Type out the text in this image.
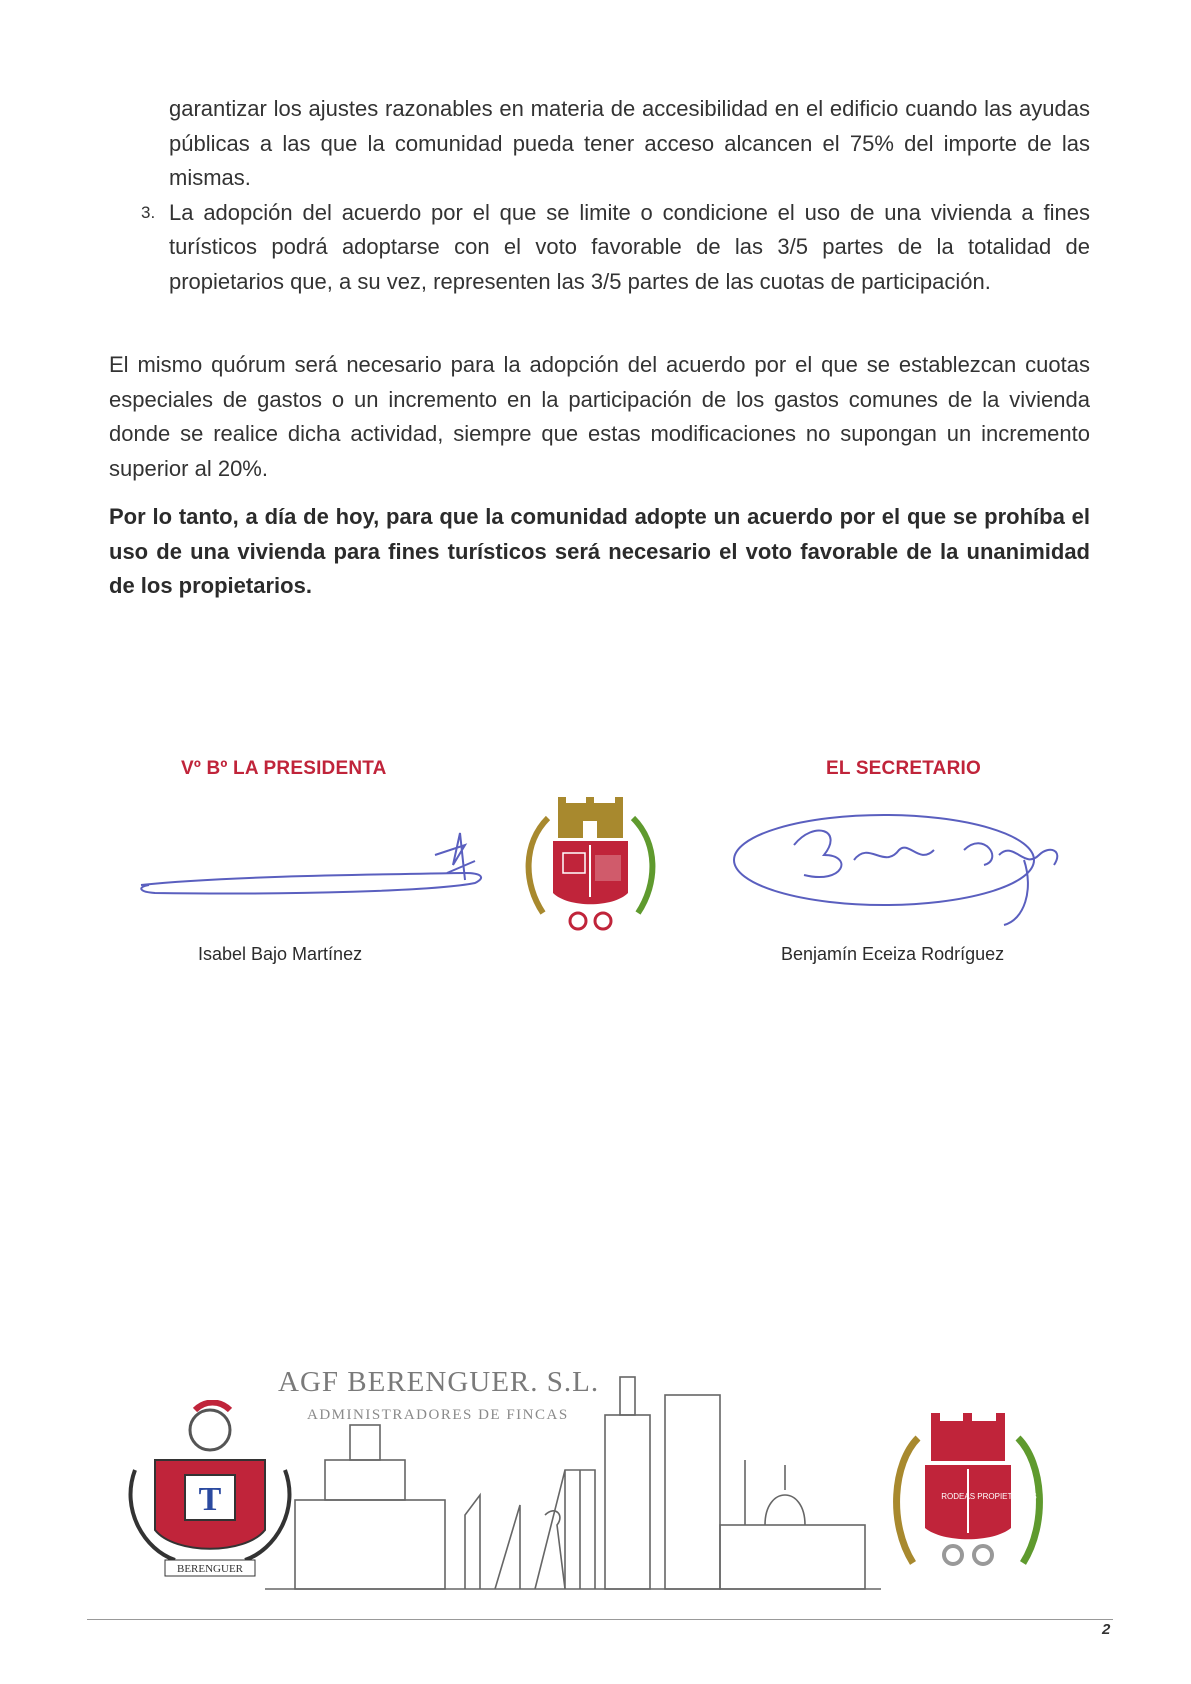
garantizar los ajustes razonables en materia de accesibilidad en el edificio cuando las ayudas públicas a las que la comunidad pueda tener acceso alcancen el 75% del importe de las mismas.
3. La adopción del acuerdo por el que se limite o condicione el uso de una vivienda a fines turísticos podrá adoptarse con el voto favorable de las 3/5 partes de la totalidad de propietarios que, a su vez, representen las 3/5 partes de las cuotas de participación.

El mismo quórum será necesario para la adopción del acuerdo por el que se establezcan cuotas especiales de gastos o un incremento en la participación de los gastos comunes de la vivienda donde se realice dicha actividad, siempre que estas modificaciones no supongan un incremento superior al 20%.

Por lo tanto, a día de hoy, para que la comunidad adopte un acuerdo por el que se prohíba el uso de una vivienda para fines turísticos será necesario el voto favorable de la unanimidad de los propietarios.

Vº Bº LA PRESIDENTA	EL SECRETARIO
Isabel Bajo Martínez	Benjamín Eceiza Rodríguez
AGF BERENGUER. S.L.
ADMINISTRADORES DE FINCAS
T
BERENGUER
RODEAS PROPIETARIOS
2
